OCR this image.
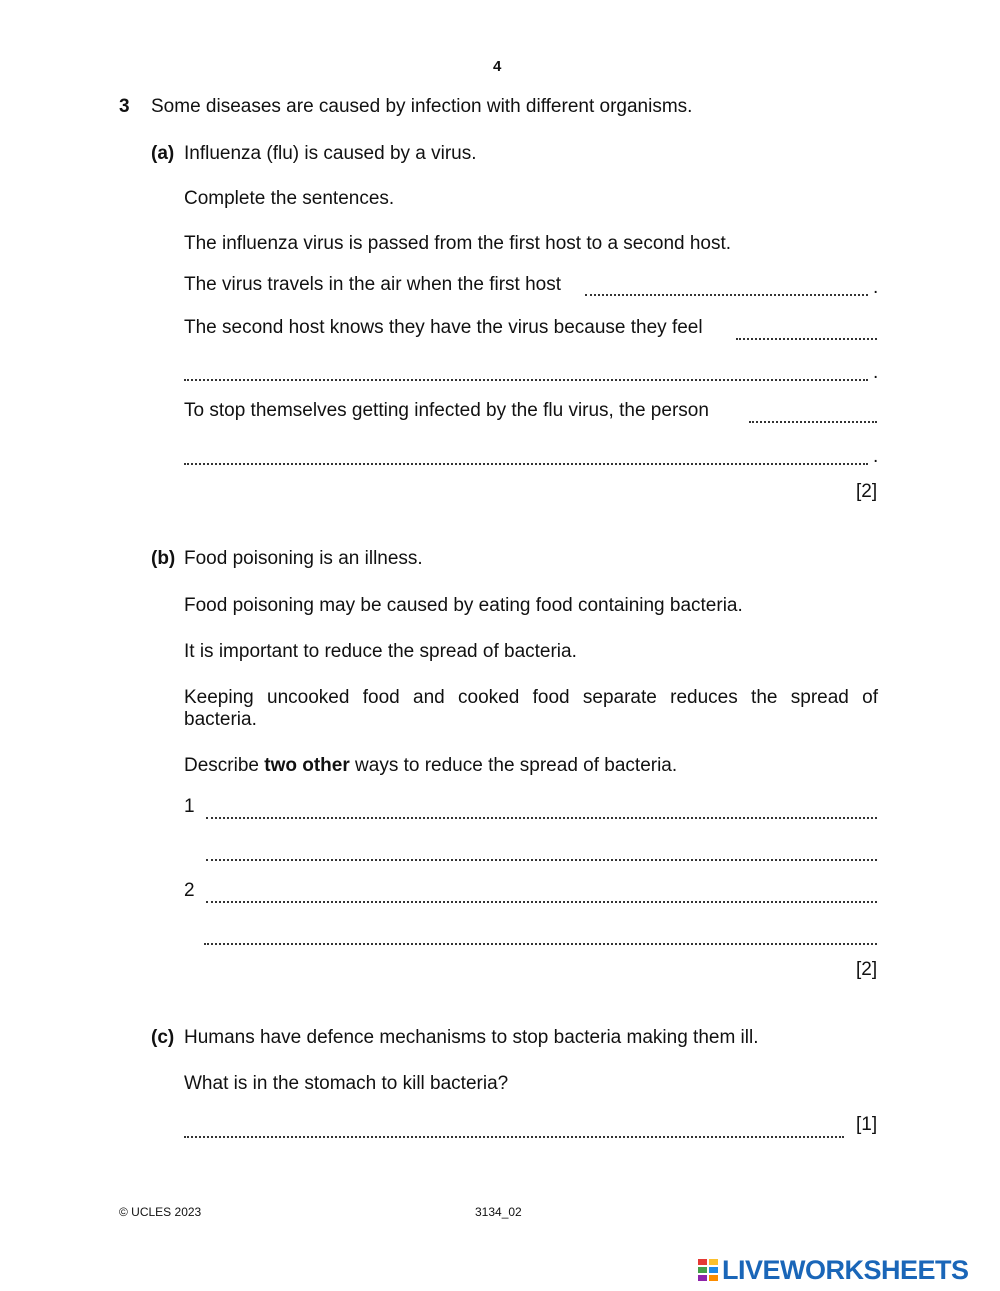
4
3 Some diseases are caused by infection with different organisms.
(a) Influenza (flu) is caused by a virus.
Complete the sentences.
The influenza virus is passed from the first host to a second host.
The virus travels in the air when the first host	.
The second host knows they have the virus because they feel
.
To stop themselves getting infected by the flu virus, the person
.
[2]
(b) Food poisoning is an illness.
Food poisoning may be caused by eating food containing bacteria.
It is important to reduce the spread of bacteria.
Keeping uncooked food and cooked food separate reduces the spread of
bacteria.
Describe two other ways to reduce the spread of bacteria.
1
2
[2]
(c) Humans have defence mechanisms to stop bacteria making them ill.
What is in the stomach to kill bacteria?
[1]
© UCLES 2023	3134_02
LIVEWORKSHEETS
